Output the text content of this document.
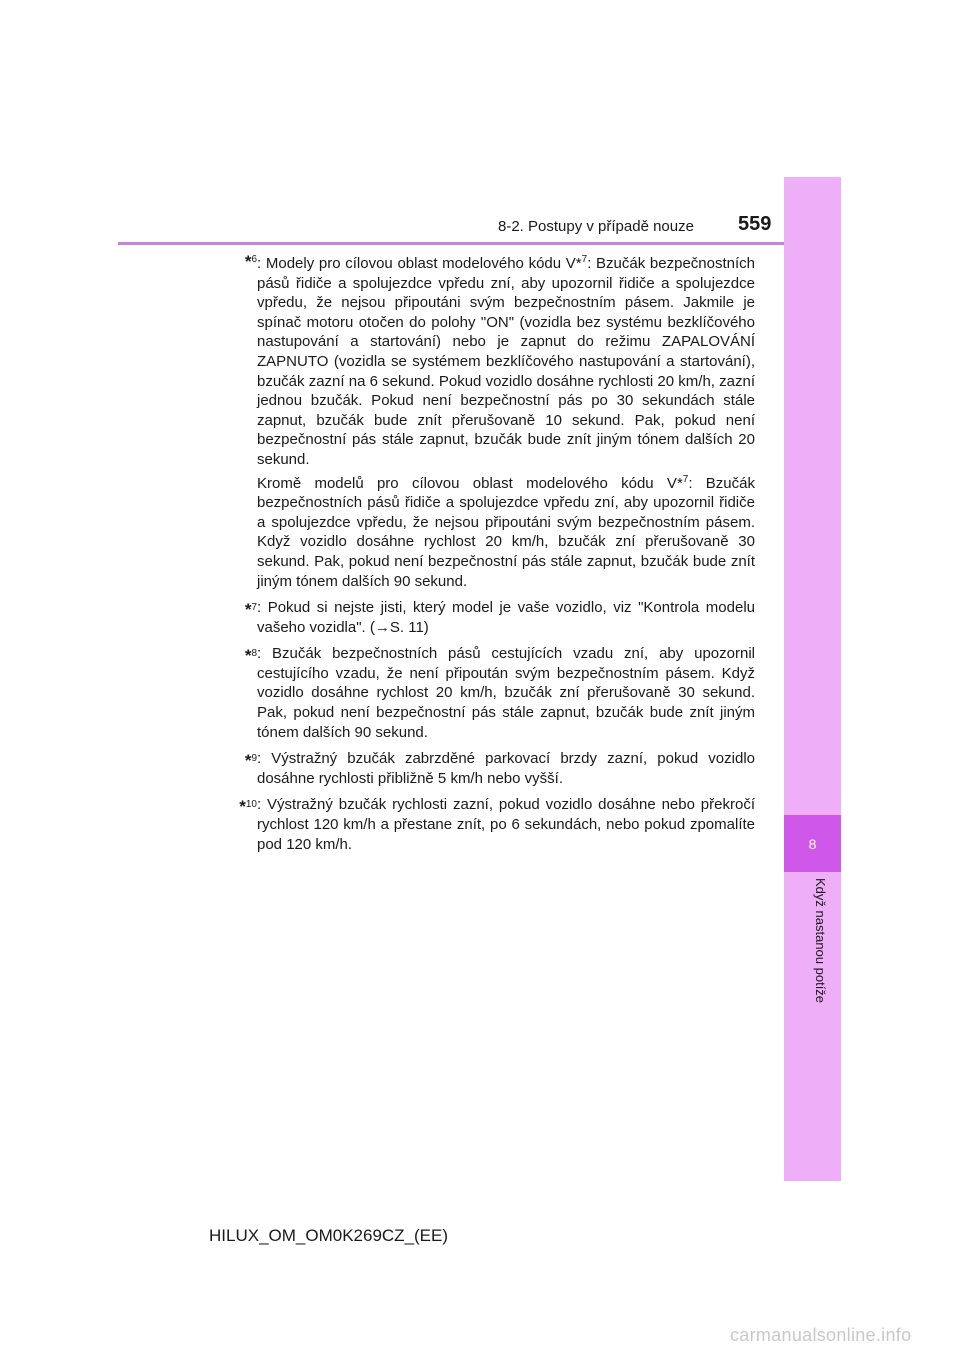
8-2. Postupy v případě nouze 559
8
Když nastanou potíže
*$^6$ : Modely pro cílovou oblast modelového kódu V*$^7$: Bzučák bezpečnostních pásů řidiče a spolujezdce vpředu zní, aby upozornil řidiče a spolujezdce vpředu, že nejsou připoutáni svým bezpečnostním pásem. Jakmile je spínač motoru otočen do polohy "ON" (vozidla bez systému bezklíčového nastupování a startování) nebo je zapnut do režimu ZAPALOVÁNÍ ZAPNUTO (vozidla se systémem bezklíčového nastupování a startování), bzučák zazní na 6 sekund. Pokud vozidlo dosáhne rychlosti 20 km/h, zazní jednou bzučák. Pokud není bezpečnostní pás po 30 sekundách stále zapnut, bzučák bude znít přerušovaně 10 sekund. Pak, pokud není bezpečnostní pás stále zapnut, bzučák bude znít jiným tónem dalších 20 sekund.

Kromě modelů pro cílovou oblast modelového kódu V*$^7$: Bzučák bezpečnostních pásů řidiče a spolujezdce vpředu zní, aby upozornil řidiče a spolujezdce vpředu, že nejsou připoutáni svým bezpečnostním pásem. Když vozidlo dosáhne rychlost 20 km/h, bzučák zní přerušovaně 30 sekund. Pak, pokud není bezpečnostní pás stále zapnut, bzučák bude znít jiným tónem dalších 90 sekund.

*$^7$ : Pokud si nejste jisti, který model je vaše vozidlo, viz "Kontrola modelu vašeho vozidla". (→S. 11)

*$^8$ : Bzučák bezpečnostních pásů cestujících vzadu zní, aby upozornil cestujícího vzadu, že není připoután svým bezpečnostním pásem. Když vozidlo dosáhne rychlost 20 km/h, bzučák zní přerušovaně 30 sekund. Pak, pokud není bezpečnostní pás stále zapnut, bzučák bude znít jiným tónem dalších 90 sekund.

*$^9$ : Výstražný bzučák zabrzděné parkovací brzdy zazní, pokud vozidlo dosáhne rychlosti přibližně 5 km/h nebo vyšší.

*$^{10}$ : Výstražný bzučák rychlosti zazní, pokud vozidlo dosáhne nebo překročí rychlost 120 km/h a přestane znít, po 6 sekundách, nebo pokud zpomalíte pod 120 km/h.

HILUX_OM_OM0K269CZ_(EE)
carmanualsonline.info
